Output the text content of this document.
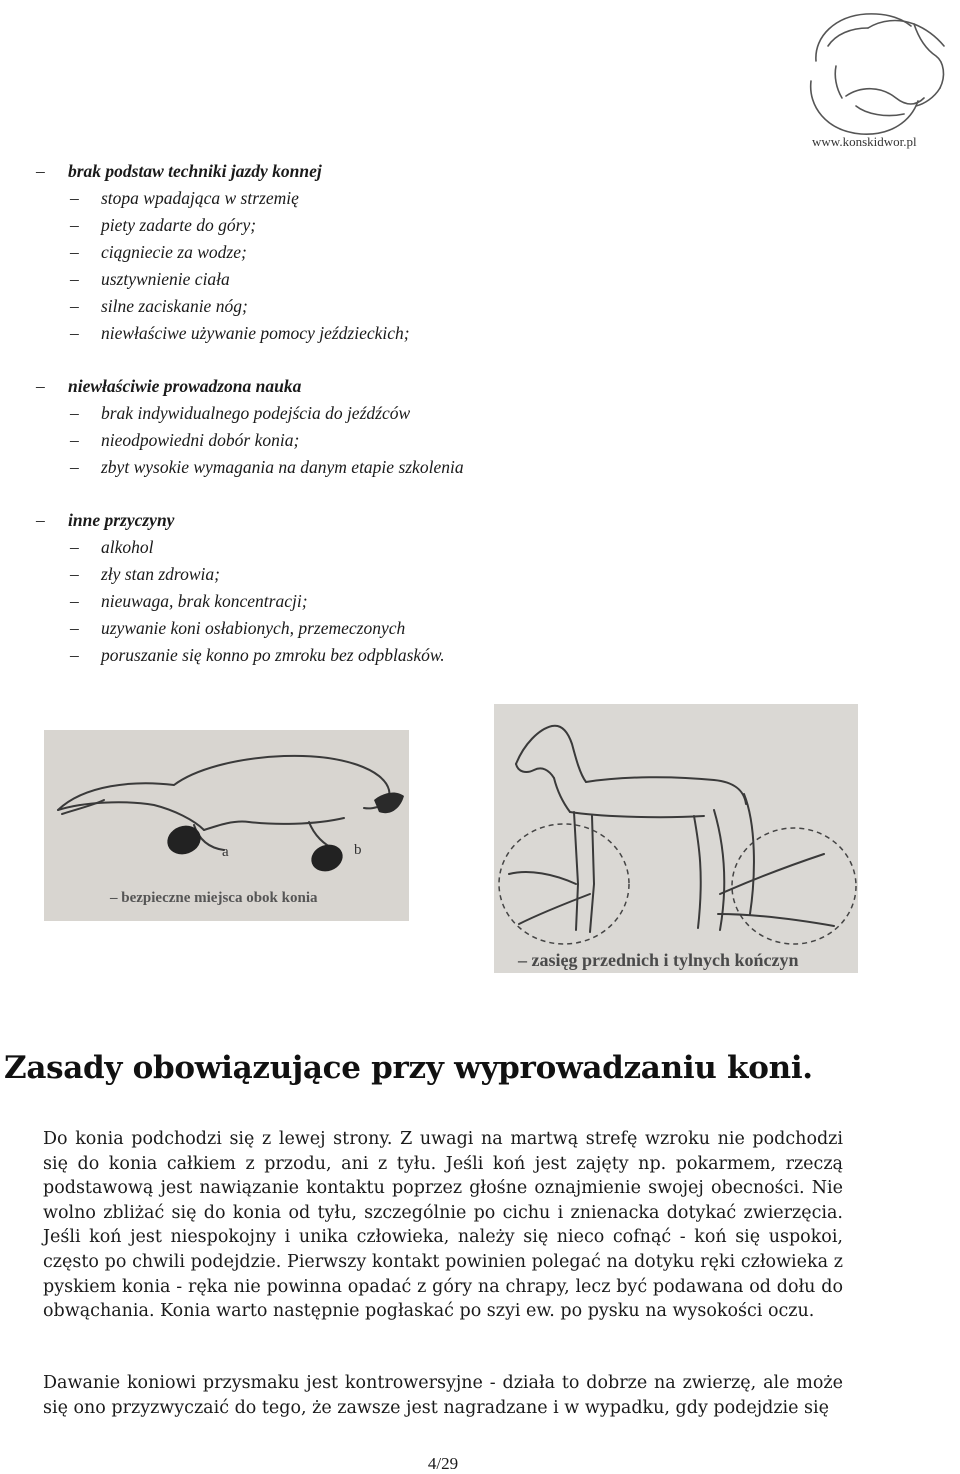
www.konskidwor.pl
– brak podstaw techniki jazdy konnej
– stopa wpadająca w strzemię
– piety zadarte do góry;
– ciągniecie za wodze;
– usztywnienie ciała
– silne zaciskanie nóg;
– niewłaściwe używanie pomocy jeździeckich;
– niewłaściwie prowadzona nauka
– brak indywidualnego podejścia do jeźdźców
– nieodpowiedni dobór konia;
– zbyt wysokie wymagania na danym etapie szkolenia
– inne przyczyny
– alkohol
– zły stan zdrowia;
– nieuwaga, brak koncentracji;
– uzywanie koni osłabionych, przemeczonych
– poruszanie się konno po zmroku bez odpblasków.
a	b
– bezpieczne miejsca obok konia
– zasięg przednich i tylnych kończyn
Zasady obowiązujące przy wyprowadzaniu koni.
Do konia podchodzi się z lewej strony. Z uwagi na martwą strefę wzroku nie podchodzi się do konia całkiem z przodu, ani z tyłu. Jeśli koń jest zajęty np. pokarmem, rzeczą podstawową jest nawiązanie kontaktu poprzez głośne oznajmienie swojej obecności. Nie wolno zbliżać się do konia od tyłu, szczególnie po cichu i znienacka dotykać zwierzęcia. Jeśli koń jest niespokojny i unika człowieka, należy się nieco cofnąć - koń się uspokoi, często po chwili podejdzie. Pierwszy kontakt powinien polegać na dotyku ręki człowieka z pyskiem konia - ręka nie powinna opadać z góry na chrapy, lecz być podawana od dołu do obwąchania. Konia warto następnie pogłaskać po szyi ew. po pysku na wysokości oczu.
Dawanie koniowi przysmaku jest kontrowersyjne - działa to dobrze na zwierzę, ale może się ono przyzwyczaić do tego, że zawsze jest nagradzane i w wypadku, gdy podejdzie się
4/29
